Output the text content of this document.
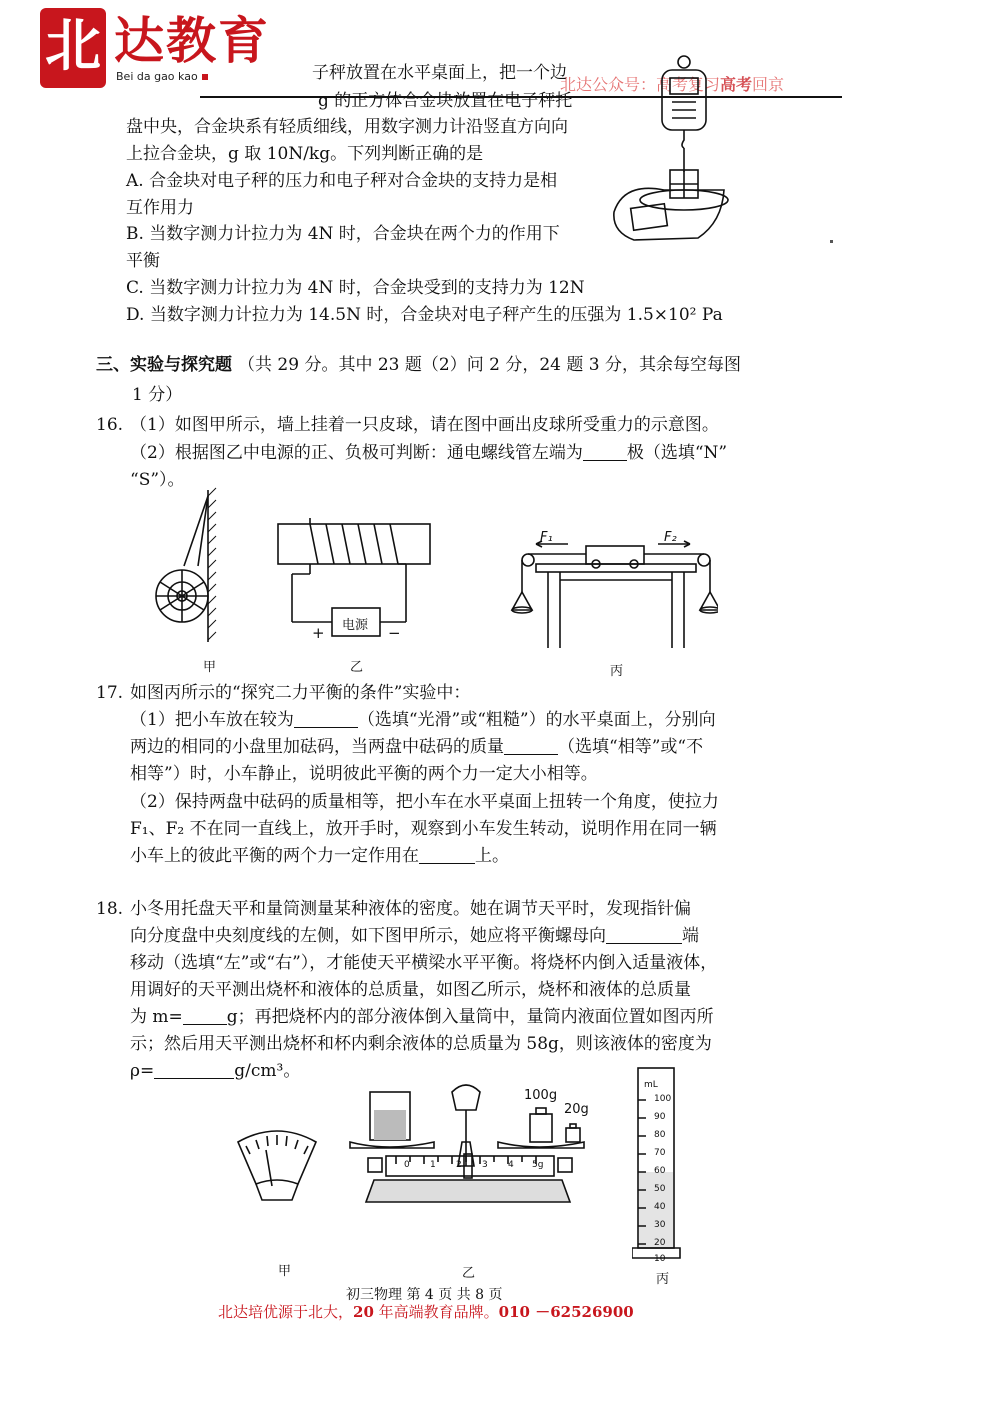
北 达教育
Bei da gao kao	北达公众号：高考复习高考回京
子秤放置在水平桌面上，把一个边
g 的正方体合金块放置在电子秤托
盘中央，合金块系有轻质细线，用数字测力计沿竖直方向向
上拉合金块，g 取 10N/kg。下列判断正确的是
A. 合金块对电子秤的压力和电子秤对合金块的支持力是相
互作用力
B. 当数字测力计拉力为 4N 时，合金块在两个力的作用下
平衡
C. 当数字测力计拉力为 4N 时，合金块受到的支持力为 12N
D. 当数字测力计拉力为 14.5N 时，合金块对电子秤产生的压强为 1.5×10² Pa
三、实验与探究题 （共 29 分。其中 23 题（2）问 2 分，24 题 3 分，其余每空每图
1 分）
16. （1）如图甲所示，墙上挂着一只皮球，请在图中画出皮球所受重力的示意图。
（2）根据图乙中电源的正、负极可判断：通电螺线管左端为	极（选填“N”
“S”）。
甲
电源
+	−
乙
F₁	F₂
丙
17. 如图丙所示的“探究二力平衡的条件”实验中：
（1）把小车放在较为	（选填“光滑”或“粗糙”）的水平桌面上，分别向
两边的相同的小盘里加砝码，当两盘中砝码的质量	（选填“相等”或“不
相等”）时，小车静止，说明彼此平衡的两个力一定大小相等。
（2）保持两盘中砝码的质量相等，把小车在水平桌面上扭转一个角度，使拉力
F₁、F₂ 不在同一直线上，放开手时，观察到小车发生转动，说明作用在同一辆
小车上的彼此平衡的两个力一定作用在	上。
18. 小冬用托盘天平和量筒测量某种液体的密度。她在调节天平时，发现指针偏
向分度盘中央刻度线的左侧，如下图甲所示，她应将平衡螺母向	端
移动（选填“左”或“右”），才能使天平横梁水平平衡。将烧杯内倒入适量液体，
用调好的天平测出烧杯和液体的总质量，如图乙所示，烧杯和液体的总质量
为 m=	g；再把烧杯内的部分液体倒入量筒中，量筒内液面位置如图丙所
示；然后用天平测出烧杯和杯内剩余液体的总质量为 58g，则该液体的密度为
ρ=	g/cm³。
甲
100g
20g
乙
0 1 2 3 4 5g
mL
100
90
80
70
60
50
40
30
20
10
丙
初三物理 第 4 页 共 8 页
北达培优源于北大，20 年高端教育品牌。010 －62526900
